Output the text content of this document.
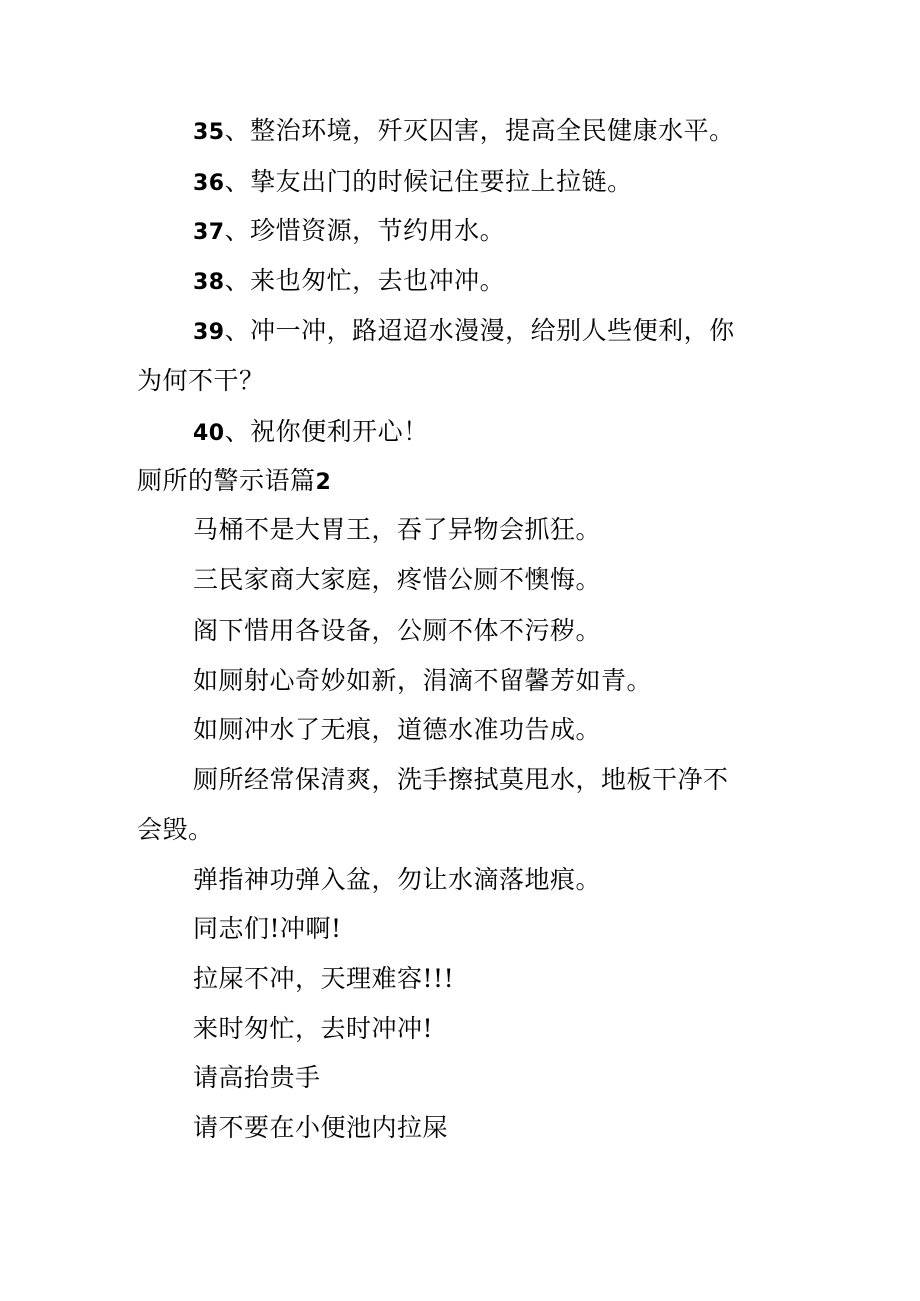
35、整治环境，歼灭囚害，提高全民健康水平。
36、挚友出门的时候记住要拉上拉链。
37、珍惜资源，节约用水。
38、来也匆忙，去也冲冲。
39、冲一冲，路迢迢水漫漫，给别人些便利，你
为何不干？
40、祝你便利开心！
厕所的警示语篇2
马桶不是大胃王，吞了异物会抓狂。
三民家商大家庭，疼惜公厕不懊悔。
阁下惜用各设备，公厕不体不污秽。
如厕射心奇妙如新，涓滴不留馨芳如青。
如厕冲水了无痕，道德水准功告成。
厕所经常保清爽，洗手擦拭莫甩水，地板干净不
会毁。
弹指神功弹入盆，勿让水滴落地痕。
同志们!冲啊!
拉屎不冲，天理难容!!!
来时匆忙，去时冲冲!
请高抬贵手
请不要在小便池内拉屎
